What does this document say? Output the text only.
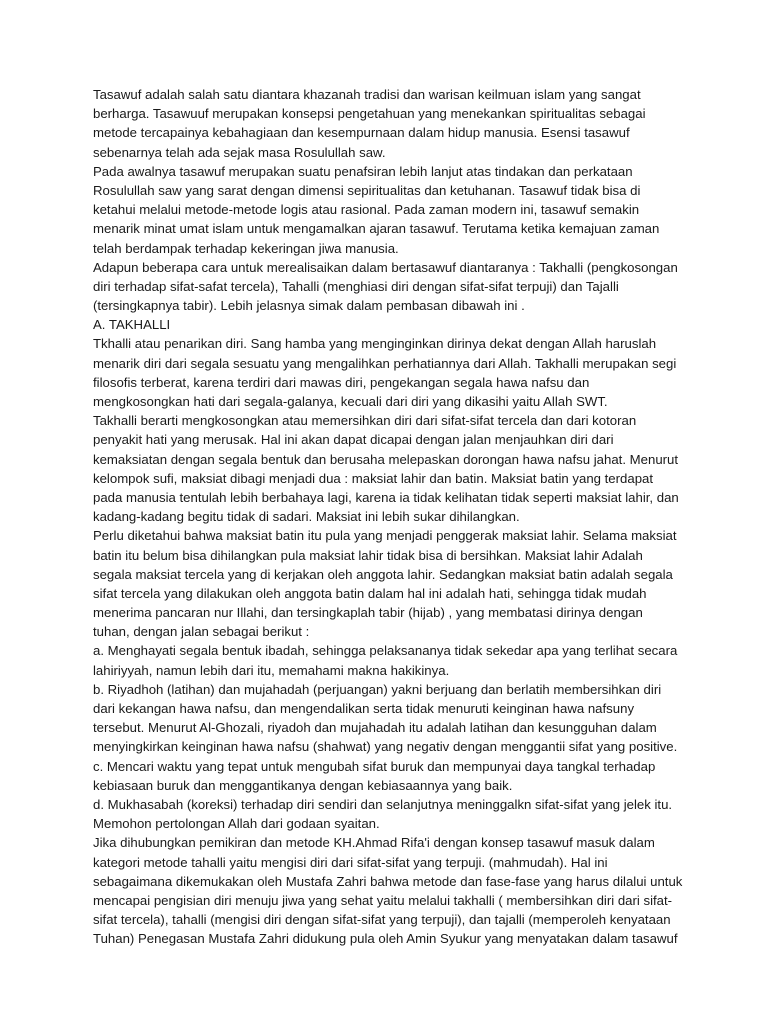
Tasawuf adalah salah satu diantara khazanah tradisi dan warisan keilmuan islam yang sangat
berharga. Tasawuuf merupakan konsepsi pengetahuan yang menekankan spiritualitas sebagai
metode tercapainya kebahagiaan dan kesempurnaan dalam hidup manusia. Esensi tasawuf
sebenarnya telah ada sejak masa Rosulullah saw.
Pada awalnya tasawuf merupakan suatu penafsiran lebih lanjut atas tindakan dan perkataan
Rosulullah saw yang sarat dengan dimensi sepiritualitas dan ketuhanan. Tasawuf tidak bisa di
ketahui melalui metode-metode logis atau rasional. Pada zaman modern ini, tasawuf semakin
menarik minat umat islam untuk mengamalkan ajaran tasawuf. Terutama ketika kemajuan zaman
telah berdampak terhadap kekeringan jiwa manusia.
Adapun beberapa cara untuk merealisaikan dalam bertasawuf diantaranya : Takhalli (pengkosongan
diri terhadap sifat-safat tercela), Tahalli (menghiasi diri dengan sifat-sifat terpuji) dan Tajalli
(tersingkapnya tabir). Lebih jelasnya simak dalam pembasan dibawah ini .
A. TAKHALLI
Tkhalli atau penarikan diri. Sang hamba yang menginginkan dirinya dekat dengan Allah haruslah
menarik diri dari segala sesuatu yang mengalihkan perhatiannya dari Allah. Takhalli merupakan segi
filosofis terberat, karena terdiri dari mawas diri, pengekangan segala hawa nafsu dan
mengkosongkan hati dari segala-galanya, kecuali dari diri yang dikasihi yaitu Allah SWT.
Takhalli berarti mengkosongkan atau memersihkan diri dari sifat-sifat tercela dan dari kotoran
penyakit hati yang merusak. Hal ini akan dapat dicapai dengan jalan menjauhkan diri dari
kemaksiatan dengan segala bentuk dan berusaha melepaskan dorongan hawa nafsu jahat. Menurut
kelompok sufi, maksiat dibagi menjadi dua : maksiat lahir dan batin. Maksiat batin yang terdapat
pada manusia tentulah lebih berbahaya lagi, karena ia tidak kelihatan tidak seperti maksiat lahir, dan
kadang-kadang begitu tidak di sadari. Maksiat ini lebih sukar dihilangkan.
Perlu diketahui bahwa maksiat batin itu pula yang menjadi penggerak maksiat lahir. Selama maksiat
batin itu belum bisa dihilangkan pula maksiat lahir tidak bisa di bersihkan. Maksiat lahir Adalah
segala maksiat tercela yang di kerjakan oleh anggota lahir. Sedangkan maksiat batin adalah segala
sifat tercela yang dilakukan oleh anggota batin dalam hal ini adalah hati, sehingga tidak mudah
menerima pancaran nur Illahi, dan tersingkaplah tabir (hijab) , yang membatasi dirinya dengan
tuhan, dengan jalan sebagai berikut :
a. Menghayati segala bentuk ibadah, sehingga pelaksananya tidak sekedar apa yang terlihat secara
lahiriyyah, namun lebih dari itu, memahami makna hakikinya.
b. Riyadhoh (latihan) dan mujahadah (perjuangan) yakni berjuang dan berlatih membersihkan diri
dari kekangan hawa nafsu, dan mengendalikan serta tidak menuruti keinginan hawa nafsuny
tersebut. Menurut Al-Ghozali, riyadoh dan mujahadah itu adalah latihan dan kesungguhan dalam
menyingkirkan keinginan hawa nafsu (shahwat) yang negativ dengan menggantii sifat yang positive.
c. Mencari waktu yang tepat untuk mengubah sifat buruk dan mempunyai daya tangkal terhadap
kebiasaan buruk dan menggantikanya dengan kebiasaannya yang baik.
d. Mukhasabah (koreksi) terhadap diri sendiri dan selanjutnya meninggalkn sifat-sifat yang jelek itu.
Memohon pertolongan Allah dari godaan syaitan.
Jika dihubungkan pemikiran dan metode KH.Ahmad Rifa'i dengan konsep tasawuf masuk dalam
kategori metode tahalli yaitu mengisi diri dari sifat-sifat yang terpuji. (mahmudah). Hal ini
sebagaimana dikemukakan oleh Mustafa Zahri bahwa metode dan fase-fase yang harus dilalui untuk
mencapai pengisian diri menuju jiwa yang sehat yaitu melalui takhalli ( membersihkan diri dari sifat-
sifat tercela), tahalli (mengisi diri dengan sifat-sifat yang terpuji), dan tajalli (memperoleh kenyataan
Tuhan) Penegasan Mustafa Zahri didukung pula oleh Amin Syukur yang menyatakan dalam tasawuf
